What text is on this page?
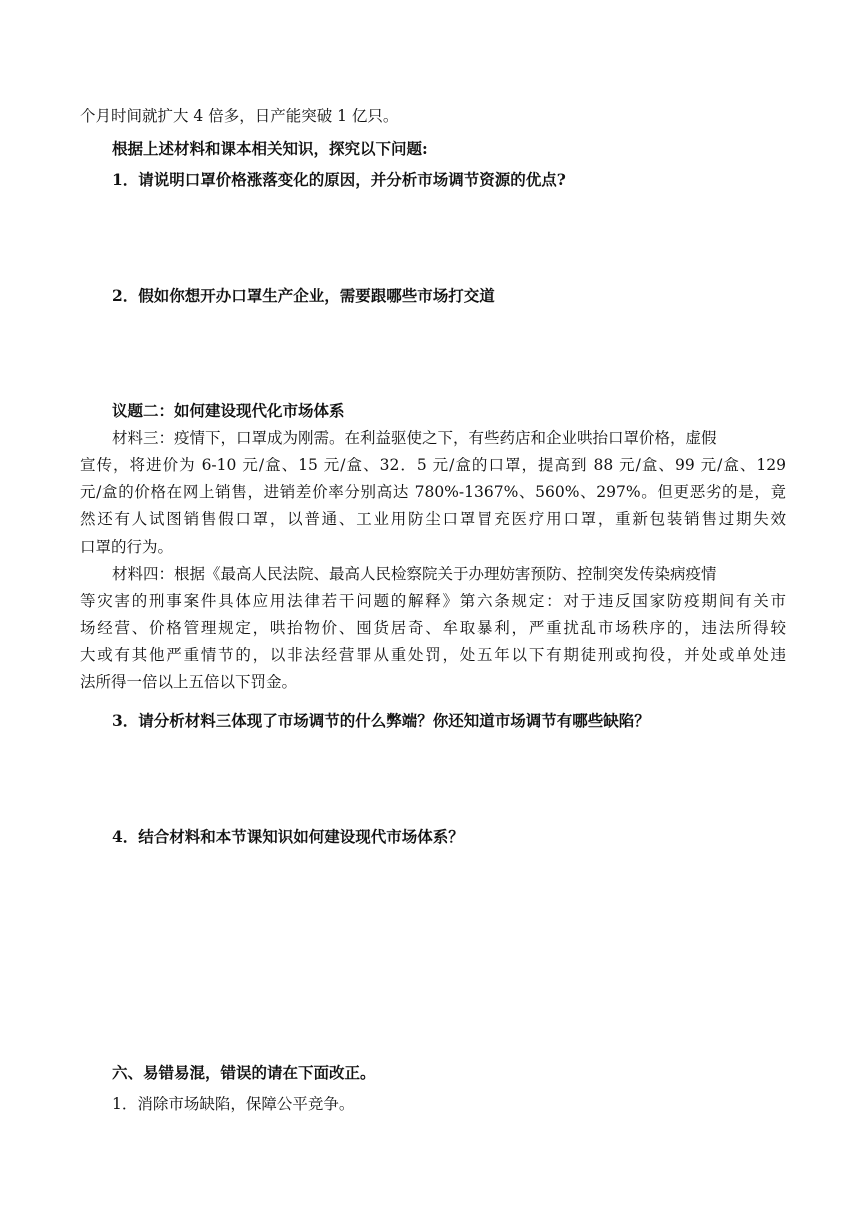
个月时间就扩大 4 倍多，日产能突破 1 亿只。
根据上述材料和课本相关知识，探究以下问题:
1．请说明口罩价格涨落变化的原因，并分析市场调节资源的优点?
2．假如你想开办口罩生产企业，需要跟哪些市场打交道
议题二：如何建设现代化市场体系
材料三：疫情下，口罩成为刚需。在利益驱使之下，有些药店和企业哄抬口罩价格，虚假
宣传，将进价为 6-10 元/盒、15 元/盒、32．5 元/盒的口罩，提高到 88 元/盒、99 元/盒、129
元/盒的价格在网上销售，进销差价率分别高达 780%-1367%、560%、297%。但更恶劣的是，竟
然还有人试图销售假口罩，以普通、工业用防尘口罩冒充医疗用口罩，重新包装销售过期失效
口罩的行为。
材料四：根据《最高人民法院、最高人民检察院关于办理妨害预防、控制突发传染病疫情
等灾害的刑事案件具体应用法律若干问题的解释》第六条规定：对于违反国家防疫期间有关市
场经营、价格管理规定，哄抬物价、囤货居奇、牟取暴利，严重扰乱市场秩序的，违法所得较
大或有其他严重情节的，以非法经营罪从重处罚，处五年以下有期徒刑或拘役，并处或单处违
法所得一倍以上五倍以下罚金。
3．请分析材料三体现了市场调节的什么弊端？你还知道市场调节有哪些缺陷？
4．结合材料和本节课知识如何建设现代市场体系？
六、易错易混，错误的请在下面改正。
1．消除市场缺陷，保障公平竞争。
